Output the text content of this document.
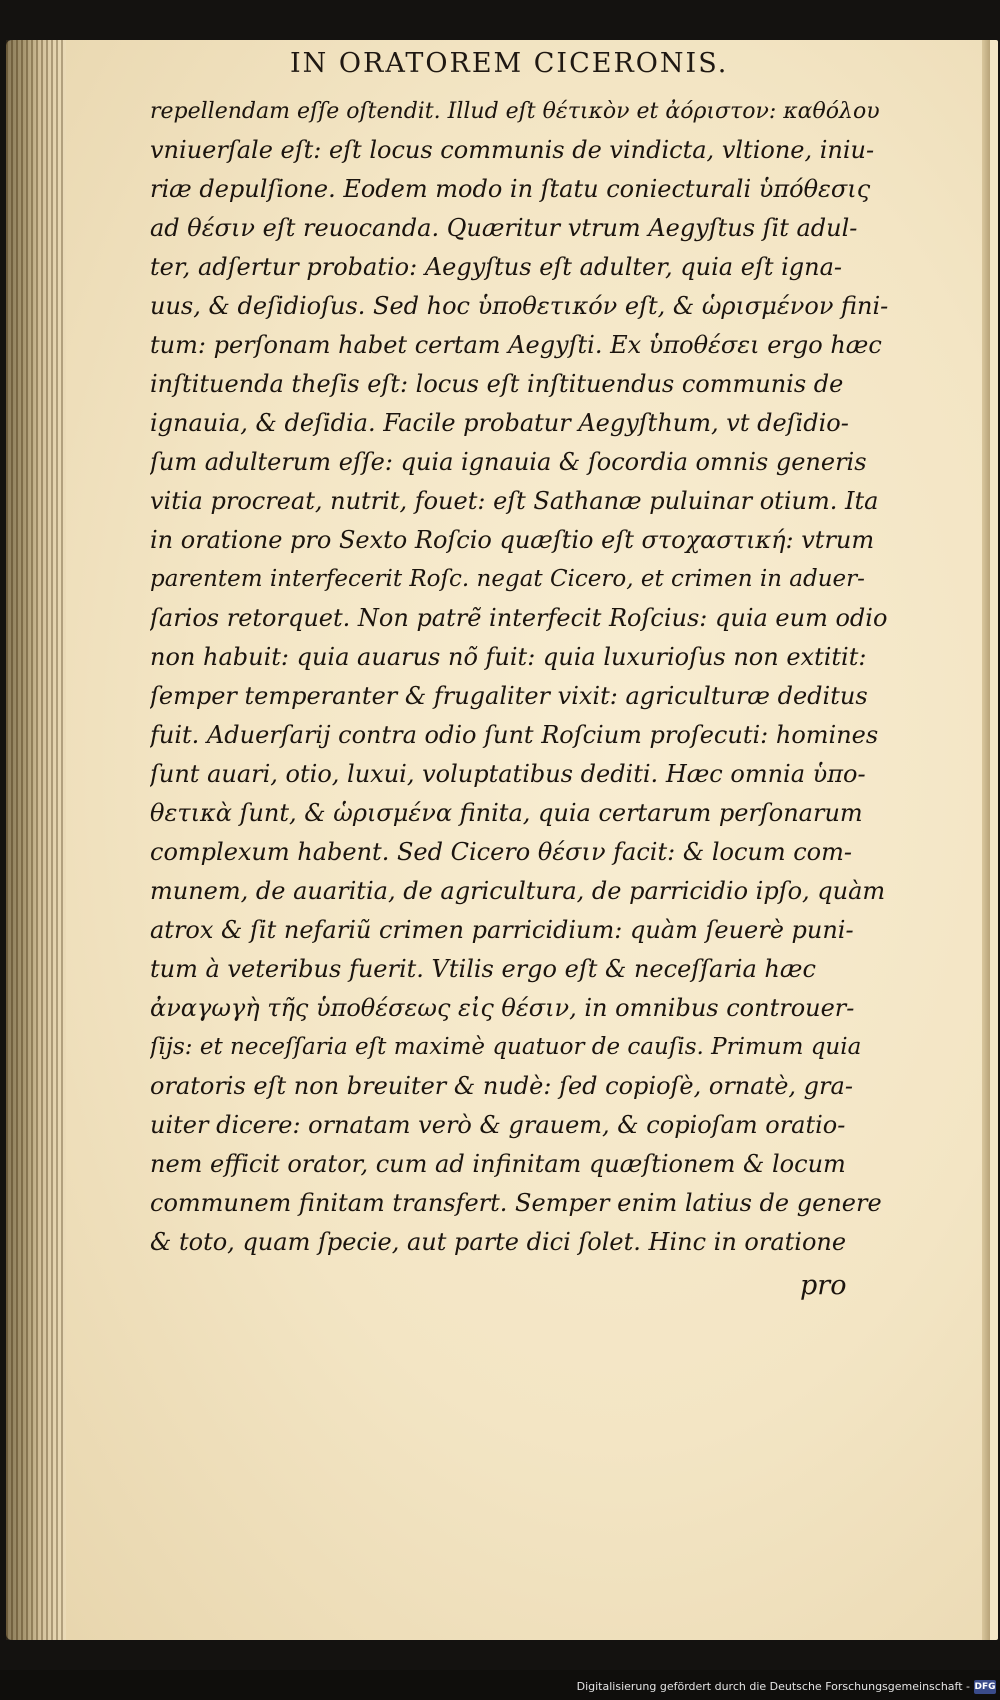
IN ORATOREM CICERONIS.
repellendam eſſe oſtendit. Illud eſt θέτικὸν et ἀόριστον: καθόλου
vniuerſale eſt: eſt locus communis de vindicta, vltione, iniu-
riæ depulſione. Eodem modo in ſtatu coniecturali ὑπόθεσις
ad θέσιν eſt reuocanda. Quæritur vtrum Aegyſtus ſit adul-
ter, adſertur probatio: Aegyſtus eſt adulter, quia eſt igna-
uus, & deſidioſus. Sed hoc ὑποθετικόν eſt, & ὡρισμένον fini-
tum: perſonam habet certam Aegyſti. Ex ὑποθέσει ergo hæc
inſtituenda theſis eſt: locus eſt inſtituendus communis de
ignauia, & deſidia. Facile probatur Aegyſthum, vt deſidio-
ſum adulterum eſſe: quia ignauia & ſocordia omnis generis
vitia procreat, nutrit, fouet: eſt Sathanæ puluinar otium. Ita
in oratione pro Sexto Roſcio quæſtio eſt στοχαστική: vtrum
parentem interfecerit Roſc. negat Cicero, et crimen in aduer-
ſarios retorquet. Non patrẽ interfecit Roſcius: quia eum odio
non habuit: quia auarus nõ fuit: quia luxurioſus non extitit:
ſemper temperanter & frugaliter vixit: agriculturæ deditus
fuit. Aduerſarij contra odio ſunt Roſcium proſecuti: homines
ſunt auari, otio, luxui, voluptatibus dediti. Hæc omnia ὑπο-
θετικὰ ſunt, & ὡρισμένα finita, quia certarum perſonarum
complexum habent. Sed Cicero θέσιν facit: & locum com-
munem, de auaritia, de agricultura, de parricidio ipſo, quàm
atrox & ſit nefariũ crimen parricidium: quàm ſeuerè puni-
tum à veteribus fuerit. Vtilis ergo eſt & neceſſaria hæc
ἀναγωγὴ τῆς ὑποθέσεως εἰς θέσιν, in omnibus controuer-
ſijs: et neceſſaria eſt maximè quatuor de cauſis. Primum quia
oratoris eſt non breuiter & nudè: ſed copioſè, ornatè, gra-
uiter dicere: ornatam verò & grauem, & copioſam oratio-
nem efficit orator, cum ad infinitam quæſtionem & locum
communem finitam transfert. Semper enim latius de genere
& toto, quam ſpecie, aut parte dici ſolet. Hinc in oratione
pro
Digitalisierung gefördert durch die Deutsche Forschungsgemeinschaft - DFG
